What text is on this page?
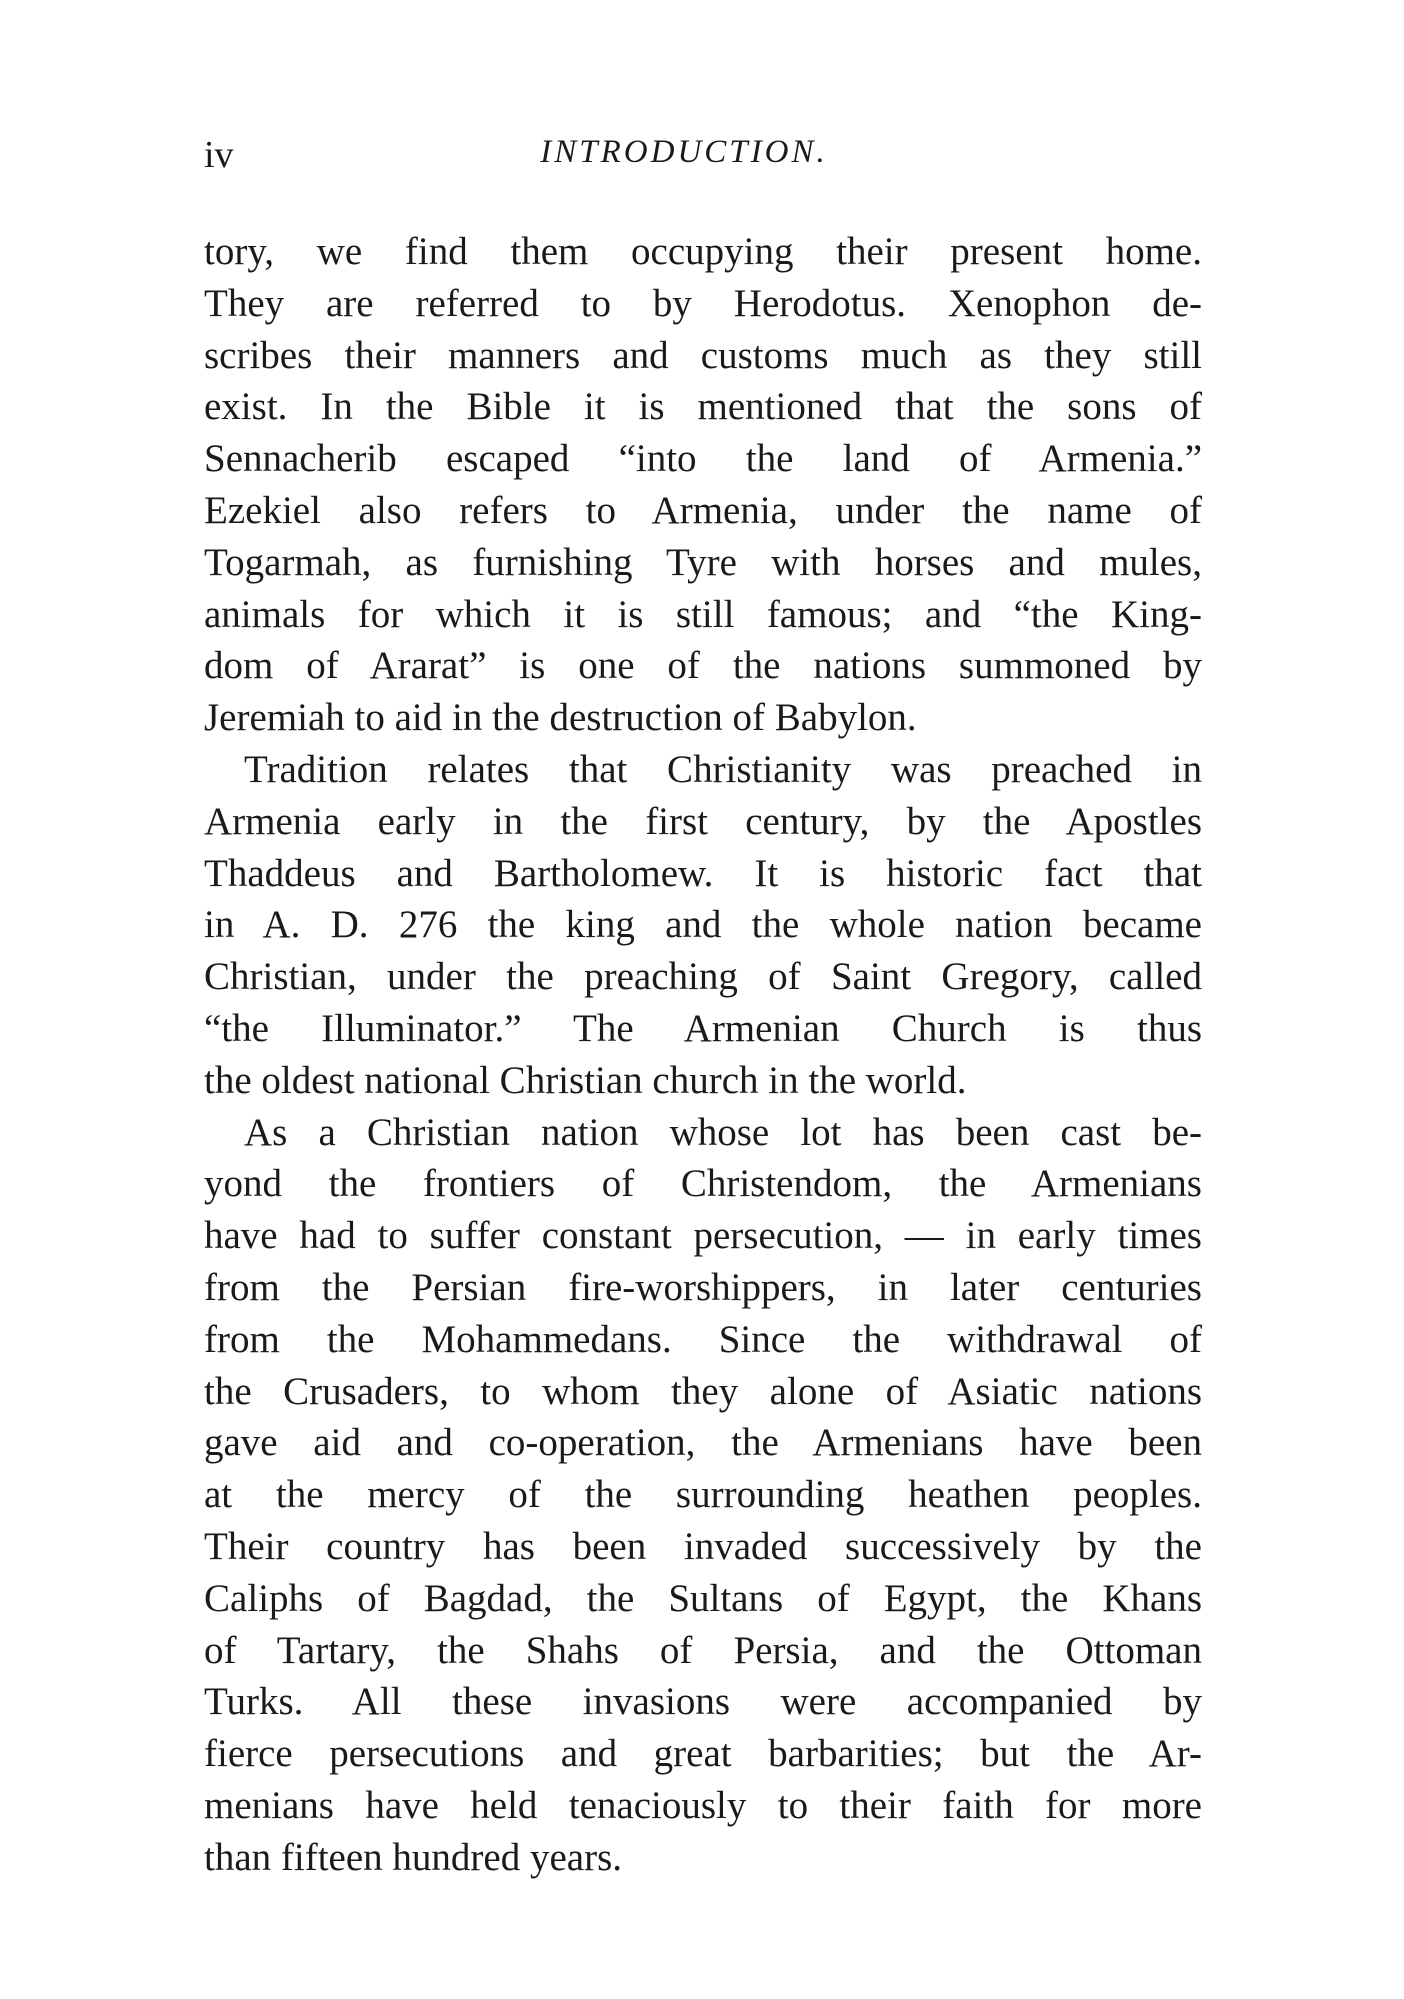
iv	INTRODUCTION.
tory, we find them occupying their present home.
They are referred to by Herodotus. Xenophon de-
scribes their manners and customs much as they still
exist. In the Bible it is mentioned that the sons of
Sennacherib escaped “into the land of Armenia.”
Ezekiel also refers to Armenia, under the name of
Togarmah, as furnishing Tyre with horses and mules,
animals for which it is still famous; and “the King-
dom of Ararat” is one of the nations summoned by
Jeremiah to aid in the destruction of Babylon.
Tradition relates that Christianity was preached in
Armenia early in the first century, by the Apostles
Thaddeus and Bartholomew. It is historic fact that
in A. D. 276 the king and the whole nation became
Christian, under the preaching of Saint Gregory, called
“the Illuminator.” The Armenian Church is thus
the oldest national Christian church in the world.
As a Christian nation whose lot has been cast be-
yond the frontiers of Christendom, the Armenians
have had to suffer constant persecution, — in early times
from the Persian fire-worshippers, in later centuries
from the Mohammedans. Since the withdrawal of
the Crusaders, to whom they alone of Asiatic nations
gave aid and co-operation, the Armenians have been
at the mercy of the surrounding heathen peoples.
Their country has been invaded successively by the
Caliphs of Bagdad, the Sultans of Egypt, the Khans
of Tartary, the Shahs of Persia, and the Ottoman
Turks. All these invasions were accompanied by
fierce persecutions and great barbarities; but the Ar-
menians have held tenaciously to their faith for more
than fifteen hundred years.
